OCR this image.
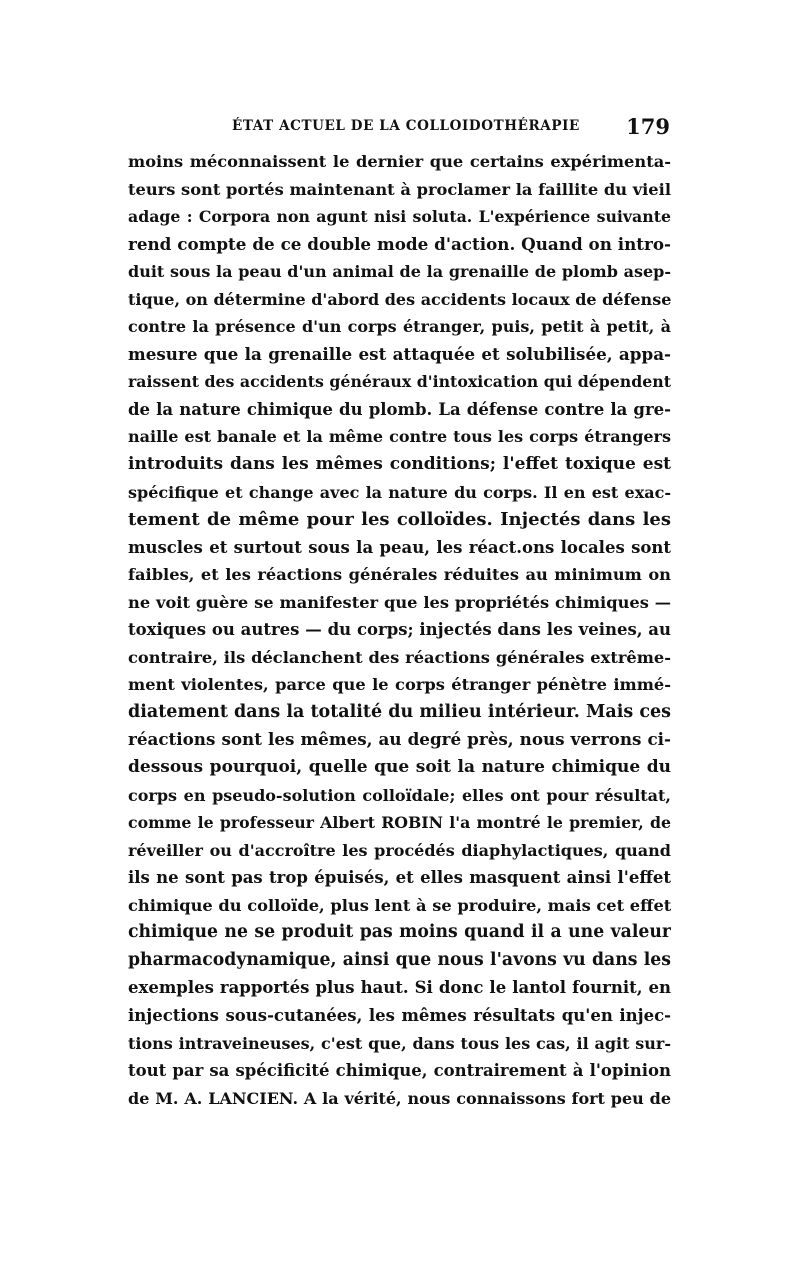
ÉTAT ACTUEL DE LA COLLOIDOTHÉRAPIE 179
moins méconnaissent le dernier que certains expérimenta-
teurs sont portés maintenant à proclamer la faillite du vieil
adage : Corpora non agunt nisi soluta. L'expérience suivante
rend compte de ce double mode d'action. Quand on intro-
duit sous la peau d'un animal de la grenaille de plomb asep-
tique, on détermine d'abord des accidents locaux de défense
contre la présence d'un corps étranger, puis, petit à petit, à
mesure que la grenaille est attaquée et solubilisée, appa-
raissent des accidents généraux d'intoxication qui dépendent
de la nature chimique du plomb. La défense contre la gre-
naille est banale et la même contre tous les corps étrangers
introduits dans les mêmes conditions; l'effet toxique est
spécifique et change avec la nature du corps. Il en est exac-
tement de même pour les colloïdes. Injectés dans les
muscles et surtout sous la peau, les réact.ons locales sont
faibles, et les réactions générales réduites au minimum on
ne voit guère se manifester que les propriétés chimiques —
toxiques ou autres — du corps; injectés dans les veines, au
contraire, ils déclanchent des réactions générales extrême-
ment violentes, parce que le corps étranger pénètre immé-
diatement dans la totalité du milieu intérieur. Mais ces
réactions sont les mêmes, au degré près, nous verrons ci-
dessous pourquoi, quelle que soit la nature chimique du
corps en pseudo-solution colloïdale; elles ont pour résultat,
comme le professeur Albert ROBIN l'a montré le premier, de
réveiller ou d'accroître les procédés diaphylactiques, quand
ils ne sont pas trop épuisés, et elles masquent ainsi l'effet
chimique du colloïde, plus lent à se produire, mais cet effet
chimique ne se produit pas moins quand il a une valeur
pharmacodynamique, ainsi que nous l'avons vu dans les
exemples rapportés plus haut. Si donc le lantol fournit, en
injections sous-cutanées, les mêmes résultats qu'en injec-
tions intraveineuses, c'est que, dans tous les cas, il agit sur-
tout par sa spécificité chimique, contrairement à l'opinion
de M. A. LANCIEN. A la vérité, nous connaissons fort peu de
